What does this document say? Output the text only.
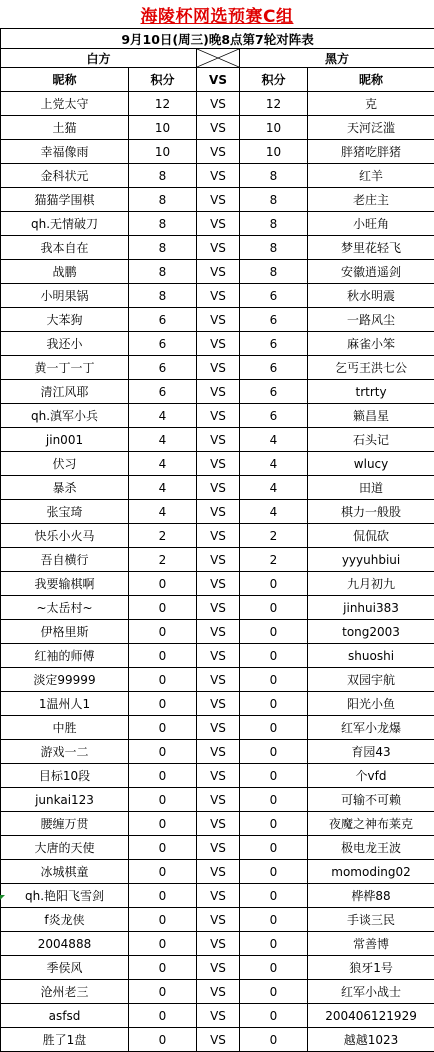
海陵杯网选预赛C组
9月10日(周三)晚8点第7轮对阵表				
白方			黑方	
昵称	积分	VS	积分	昵称
上党太守	12	VS	12	克
土猫	10	VS	10	天河泛滥
幸福像雨	10	VS	10	胖猪吃胖猪
金科状元	8	VS	8	红羊
猫猫学围棋	8	VS	8	老庄主
qh.无情破刀	8	VS	8	小旺角
我本自在	8	VS	8	梦里花轻飞
战鹏	8	VS	8	安徽逍遥剑
小明果锅	8	VS	6	秋水明震
大苯狗	6	VS	6	一路风尘
我还小	6	VS	6	麻雀小笨
黄一丁一丁	6	VS	6	乞丐王洪七公
清江风耶	6	VS	6	trtrty
qh.滇军小兵	4	VS	6	籁昌星
jin001	4	VS	4	石头记
伏习	4	VS	4	wlucy
暴杀	4	VS	4	田道
张宝琦	4	VS	4	棋力一般股
快乐小火马	2	VS	2	侃侃砍
吾自横行	2	VS	2	yyyuhbiui
我要输棋啊	0	VS	0	九月初九
~太岳村~	0	VS	0	jinhui383
伊格里斯	0	VS	0	tong2003
红袖的师傅	0	VS	0	shuoshi
淡定99999	0	VS	0	双园宇航
1温州人1	0	VS	0	阳光小鱼
中胜	0	VS	0	红军小龙爆
游戏一二	0	VS	0	育园43
目标10段	0	VS	0	个vfd
junkai123	0	VS	0	可输不可赖
腰缠万贯	0	VS	0	夜魔之神布莱克
大唐的天使	0	VS	0	极电龙王波
冰城棋童	0	VS	0	momoding02
qh.艳阳飞雪剑	0	VS	0	桦桦88
f炎龙侠	0	VS	0	手谈三民
2004888	0	VS	0	常善博
季侯风	0	VS	0	狼牙1号
沧州老三	0	VS	0	红军小战士
asfsd	0	VS	0	200406121929
胜了1盘	0	VS	0	越越1023
